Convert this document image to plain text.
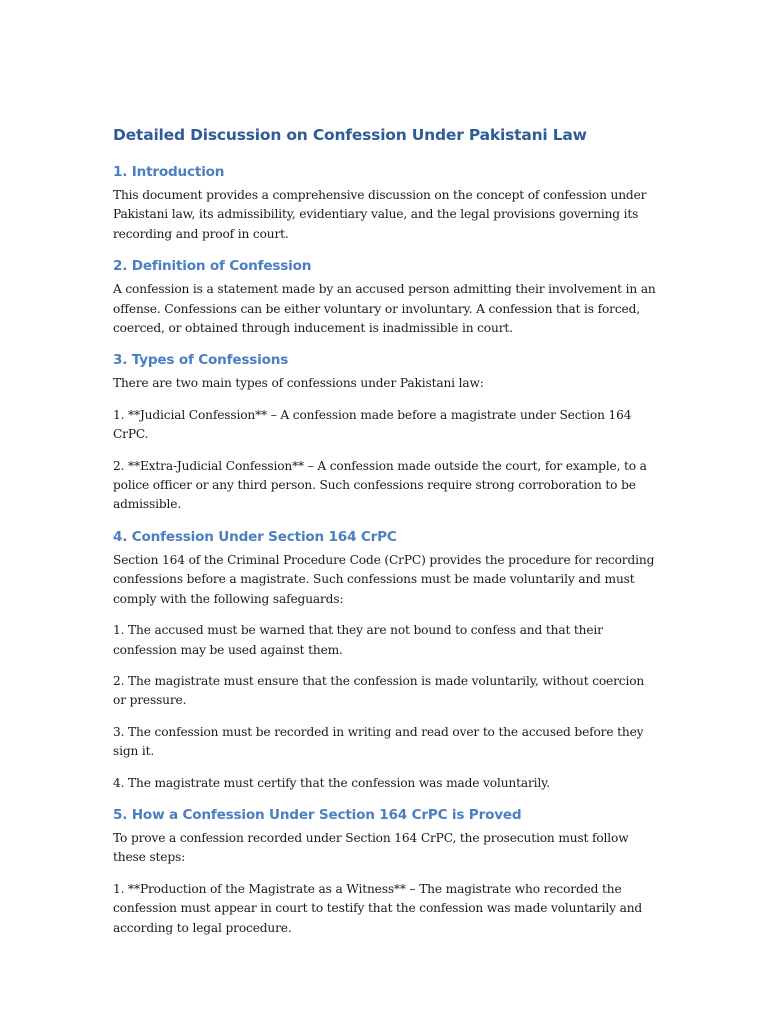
Detailed Discussion on Confession Under Pakistani Law
1. Introduction

This document provides a comprehensive discussion on the concept of confession under Pakistani law, its admissibility, evidentiary value, and the legal provisions governing its recording and proof in court.

2. Definition of Confession

A confession is a statement made by an accused person admitting their involvement in an offense. Confessions can be either voluntary or involuntary. A confession that is forced, coerced, or obtained through inducement is inadmissible in court.

3. Types of Confessions

There are two main types of confessions under Pakistani law:

1. **Judicial Confession** – A confession made before a magistrate under Section 164 CrPC.

2. **Extra-Judicial Confession** – A confession made outside the court, for example, to a police officer or any third person. Such confessions require strong corroboration to be admissible.

4. Confession Under Section 164 CrPC

Section 164 of the Criminal Procedure Code (CrPC) provides the procedure for recording confessions before a magistrate. Such confessions must be made voluntarily and must comply with the following safeguards:

1. The accused must be warned that they are not bound to confess and that their confession may be used against them.

2. The magistrate must ensure that the confession is made voluntarily, without coercion or pressure.

3. The confession must be recorded in writing and read over to the accused before they sign it.

4. The magistrate must certify that the confession was made voluntarily.

5. How a Confession Under Section 164 CrPC is Proved

To prove a confession recorded under Section 164 CrPC, the prosecution must follow these steps:

1. **Production of the Magistrate as a Witness** – The magistrate who recorded the confession must appear in court to testify that the confession was made voluntarily and according to legal procedure.
